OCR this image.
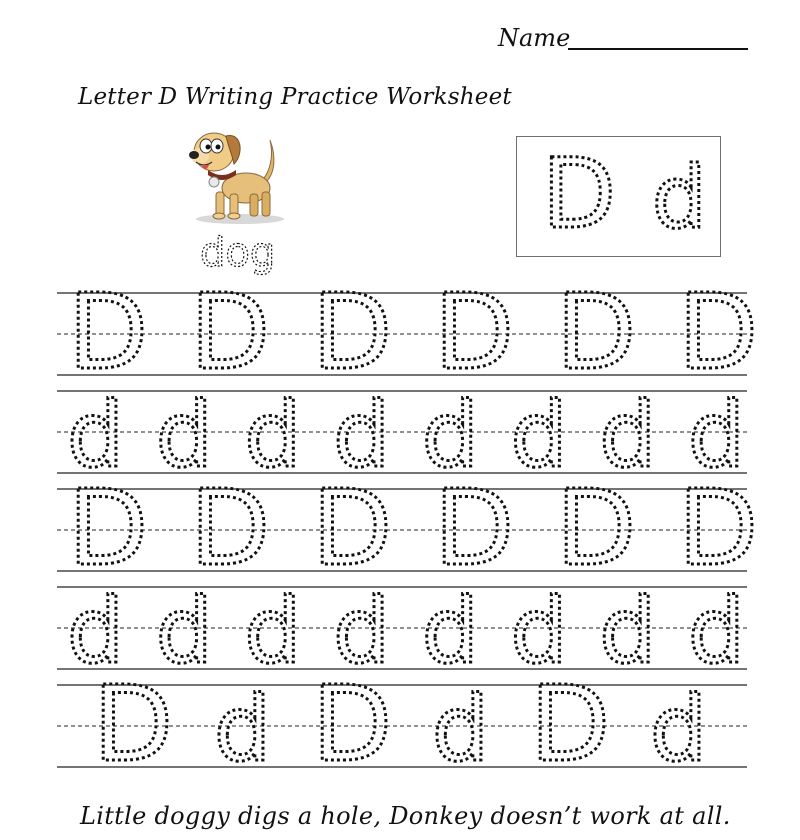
Name
Letter D Writing Practice Worksheet
dog
D d
D D D D D D
d d d d d d d d
D D D D D D
d d d d d d d d
D d D d D d
Little doggy digs a hole, Donkey doesn’t work at all.
